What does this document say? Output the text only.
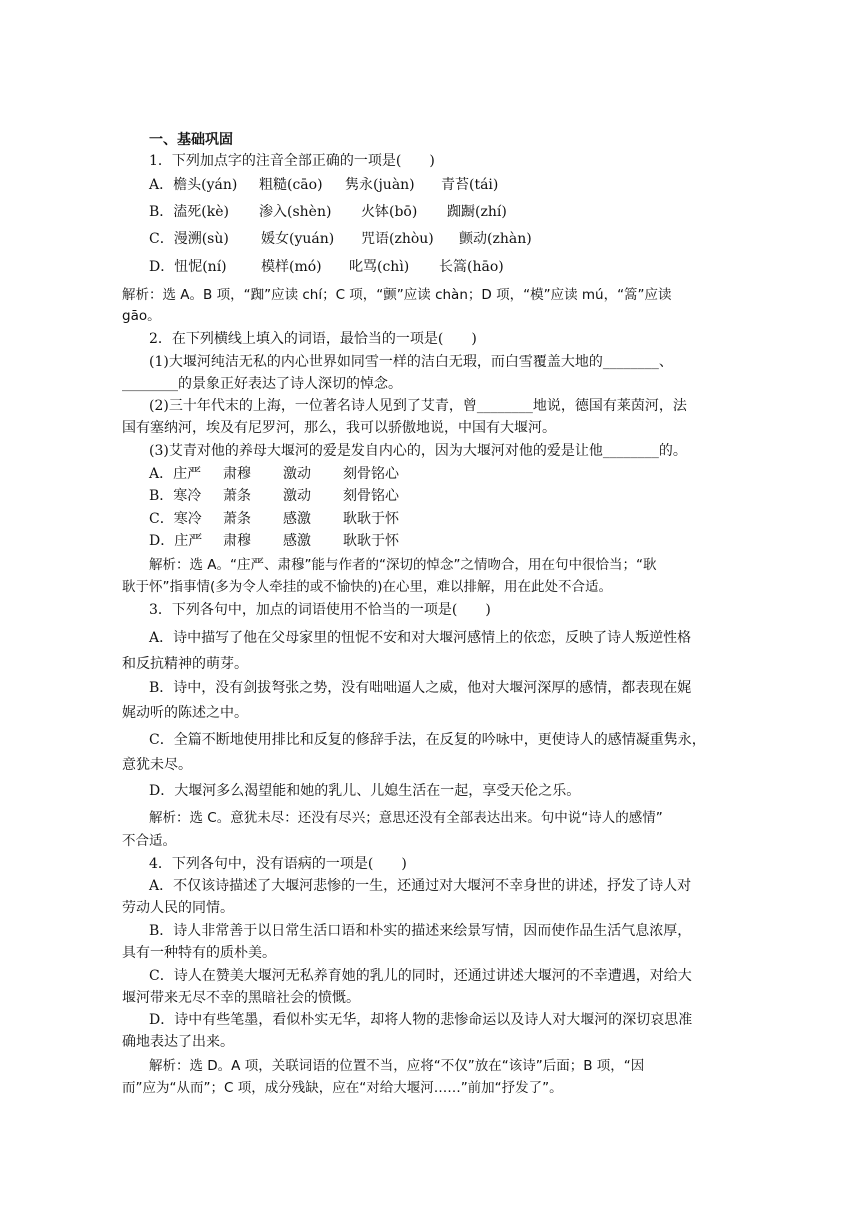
一、基础巩固
1．下列加点字的注音全部正确的一项是(　　)
A．檐头(yán) 粗糙(cāo) 隽永(juàn) 青苔(tái)
B．溘死(kè) 渗入(shèn) 火钵(bō) 踟蹰(zhí)
C．漫溯(sù) 媛女(yuán) 咒语(zhòu) 颤动(zhàn)
D．忸怩(ní) 模样(mó) 叱骂(chì) 长篙(hāo)
解析：选 A。B 项，“踟”应读 chí；C 项，“颤”应读 chàn；D 项，“模”应读 mú，“篙”应读
gāo。
2．在下列横线上填入的词语，最恰当的一项是(　　)
(1)大堰河纯洁无私的内心世界如同雪一样的洁白无瑕，而白雪覆盖大地的________、
________的景象正好表达了诗人深切的悼念。
(2)三十年代末的上海，一位著名诗人见到了艾青，曾________地说，德国有莱茵河，法
国有塞纳河，埃及有尼罗河，那么，我可以骄傲地说，中国有大堰河。
(3)艾青对他的养母大堰河的爱是发自内心的，因为大堰河对他的爱是让他________的。
A．庄严 肃穆 激动 刻骨铭心
B．寒冷 萧条 激动 刻骨铭心
C．寒冷 萧条 感激 耿耿于怀
D．庄严 肃穆 感激 耿耿于怀
解析：选 A。“庄严、肃穆”能与作者的“深切的悼念”之情吻合，用在句中很恰当；“耿
耿于怀”指事情(多为令人牵挂的或不愉快的)在心里，难以排解，用在此处不合适。
3．下列各句中，加点的词语使用不恰当的一项是(　　)
A．诗中描写了他在父母家里的忸怩不安和对大堰河感情上的依恋，反映了诗人叛逆性格
和反抗精神的萌芽。
B．诗中，没有剑拔弩张之势，没有咄咄逼人之威，他对大堰河深厚的感情，都表现在娓
娓动听的陈述之中。
C．全篇不断地使用排比和反复的修辞手法，在反复的吟咏中，更使诗人的感情凝重隽永，
意犹未尽。
D．大堰河多么渴望能和她的乳儿、儿媳生活在一起，享受天伦之乐。
解析：选 C。意犹未尽：还没有尽兴；意思还没有全部表达出来。句中说“诗人的感情”
不合适。
4．下列各句中，没有语病的一项是(　　)
A．不仅该诗描述了大堰河悲惨的一生，还通过对大堰河不幸身世的讲述，抒发了诗人对
劳动人民的同情。
B．诗人非常善于以日常生活口语和朴实的描述来绘景写情，因而使作品生活气息浓厚，
具有一种特有的质朴美。
C．诗人在赞美大堰河无私养育她的乳儿的同时，还通过讲述大堰河的不幸遭遇，对给大
堰河带来无尽不幸的黑暗社会的愤慨。
D．诗中有些笔墨，看似朴实无华，却将人物的悲惨命运以及诗人对大堰河的深切哀思准
确地表达了出来。
解析：选 D。A 项，关联词语的位置不当，应将“不仅”放在“该诗”后面；B 项，“因
而”应为“从而”；C 项，成分残缺，应在“对给大堰河……”前加“抒发了”。
